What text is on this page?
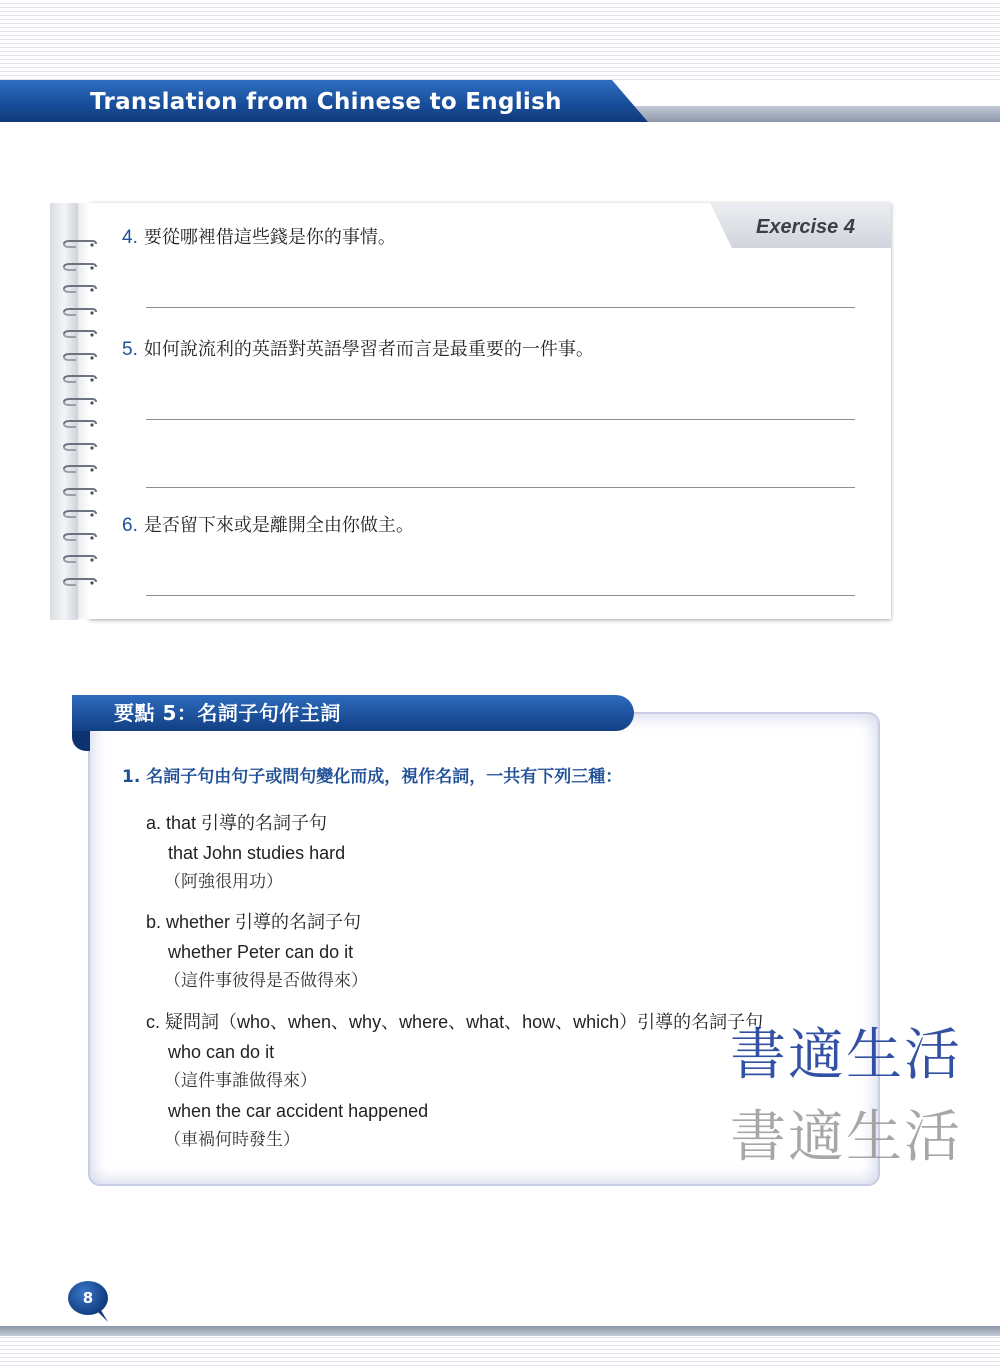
Translation from Chinese to English
Exercise 4
4. 要從哪裡借這些錢是你的事情。
5. 如何說流利的英語對英語學習者而言是最重要的一件事。
6. 是否留下來或是離開全由你做主。
要點 5：名詞子句作主詞
1. 名詞子句由句子或問句變化而成，視作名詞，一共有下列三種：
a. that 引導的名詞子句
that John studies hard
（阿強很用功）
b. whether 引導的名詞子句
whether Peter can do it
（這件事彼得是否做得來）
c. 疑問詞（who、when、why、where、what、how、which）引導的名詞子句
who can do it
（這件事誰做得來）
when the car accident happened
（車禍何時發生）
書適生活
書適生活
8
